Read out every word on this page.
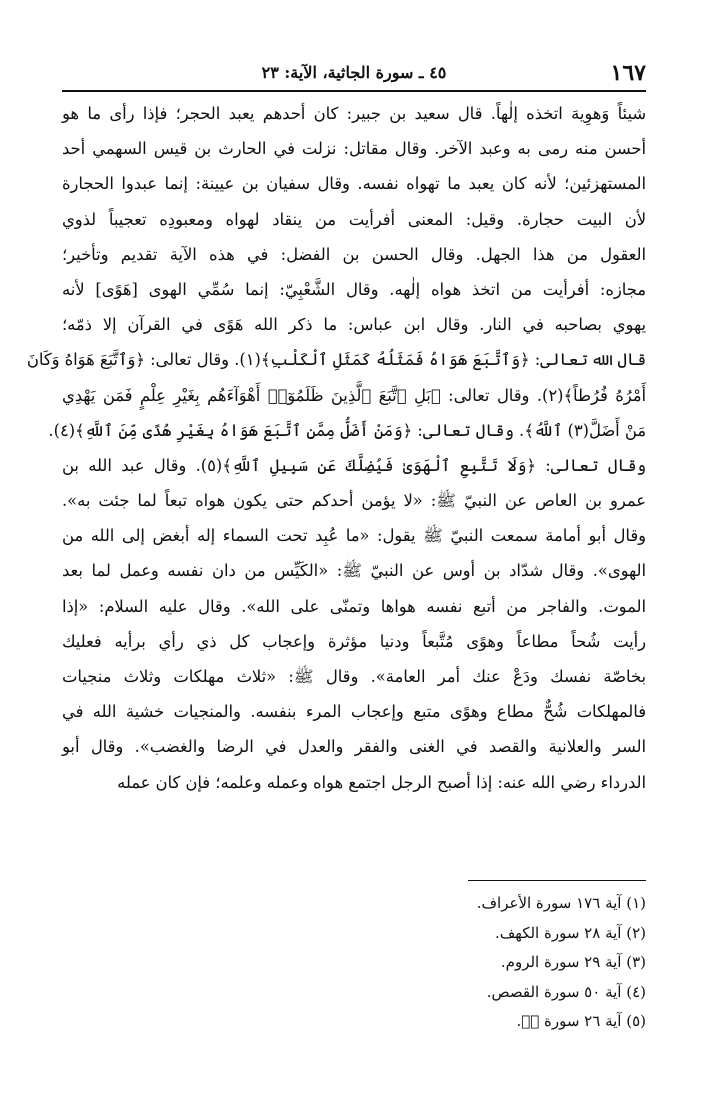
١٦٧
٤٥ ـ سورة الجاثية، الآية: ٢٣
شيئاً وَهوِيهَ اتخذه إلٰهاً. قال سعيد بن جبير: كان أحدهم يعبد الحجر؛ فإذا رأى ما هو
أحسن منه رمى به وعبد الآخر. وقال مقاتل: نزلت في الحارث بن قيس السهمي أحد
المستهزئين؛ لأنه كان يعبد ما تهواه نفسه. وقال سفيان بن عيينة: إنما عبدوا الحجارة
لأن البيت حجارة. وقيل: المعنى أفرأيت من ينقاد لهواه ومعبودِه تعجيباً لذوي
العقول من هذا الجهل. وقال الحسن بن الفضل: في هذه الآية تقديم وتأخير؛
مجازه: أفرأيت من اتخذ هواه إلٰهه. وقال الشَّعْبِيّ: إنما سُمِّي الهوى [هَوًى] لأنه
يهوي بصاحبه في النار. وقال ابن عباس: ما ذكر الله هَوًى في القرآن إلا ذمّه؛
قال الله تعالى: ﴿وَٱتَّبَعَ هَوَاهُ فَمَثَلُهُ كَمَثَلِ ٱلْكَلْبِ﴾(١). وقال تعالى: ﴿وَٱتَّبَعَ هَوَاهُ وَكَانَ
أَمْرُهُ فُرُطاً﴾(٢). وقال تعالى: ﴿بَلِ ٱتَّبَعَ ٱلَّذِينَ ظَلَمُوٓا۟ أَهْوَآءَهُم بِغَيْرِ عِلْمٍ فَمَن يَهْدِي
مَنْ أَضَلَّ(٣) ٱللَّهُ﴾. وقال تعالى: ﴿وَمَنْ أَضَلُّ مِمَّنِ ٱتَّبَعَ هَوَاهُ بِغَيْرِ هُدًى مِّنَ ٱللَّهِ﴾(٤).
وقال تعالى: ﴿وَلَا تَتَّبِعِ ٱلْهَوَىٰ فَيُضِلَّكَ عَن سَبِيلِ ٱللَّهِ﴾(٥). وقال عبد الله بن
عمرو بن العاص عن النبيّ ﷺ: «لا يؤمن أحدكم حتى يكون هواه تبعاً لما جئت به».
وقال أبو أمامة سمعت النبيّ ﷺ يقول: «ما عُبِد تحت السماء إله أبغض إلى الله من
الهوى». وقال شدّاد بن أوس عن النبيّ ﷺ: «الكَيِّس من دان نفسه وعمل لما بعد
الموت. والفاجر من أتبع نفسه هواها وتمنّى على الله». وقال عليه السلام: «إذا
رأيت شُحاً مطاعاً وهوًى مُتَّبعاً ودنيا مؤثرة وإعجاب كل ذي رأي برأيه فعليك
بخاصّة نفسك ودَعْ عنك أمر العامة». وقال ﷺ: «ثلاث مهلكات وثلاث منجيات
فالمهلكات شُحٌّ مطاع وهوًى متبع وإعجاب المرء بنفسه. والمنجيات خشية الله في
السر والعلانية والقصد في الغنى والفقر والعدل في الرضا والغضب». وقال أبو
الدرداء رضي الله عنه: إذا أصبح الرجل اجتمع هواه وعمله وعلمه؛ فإن كان عمله
(١) آية ١٧٦ سورة الأعراف.
(٢) آية ٢٨ سورة الكهف.
(٣) آية ٢٩ سورة الروم.
(٤) آية ٥٠ سورة القصص.
(٥) آية ٢٦ سورة صۤ.
